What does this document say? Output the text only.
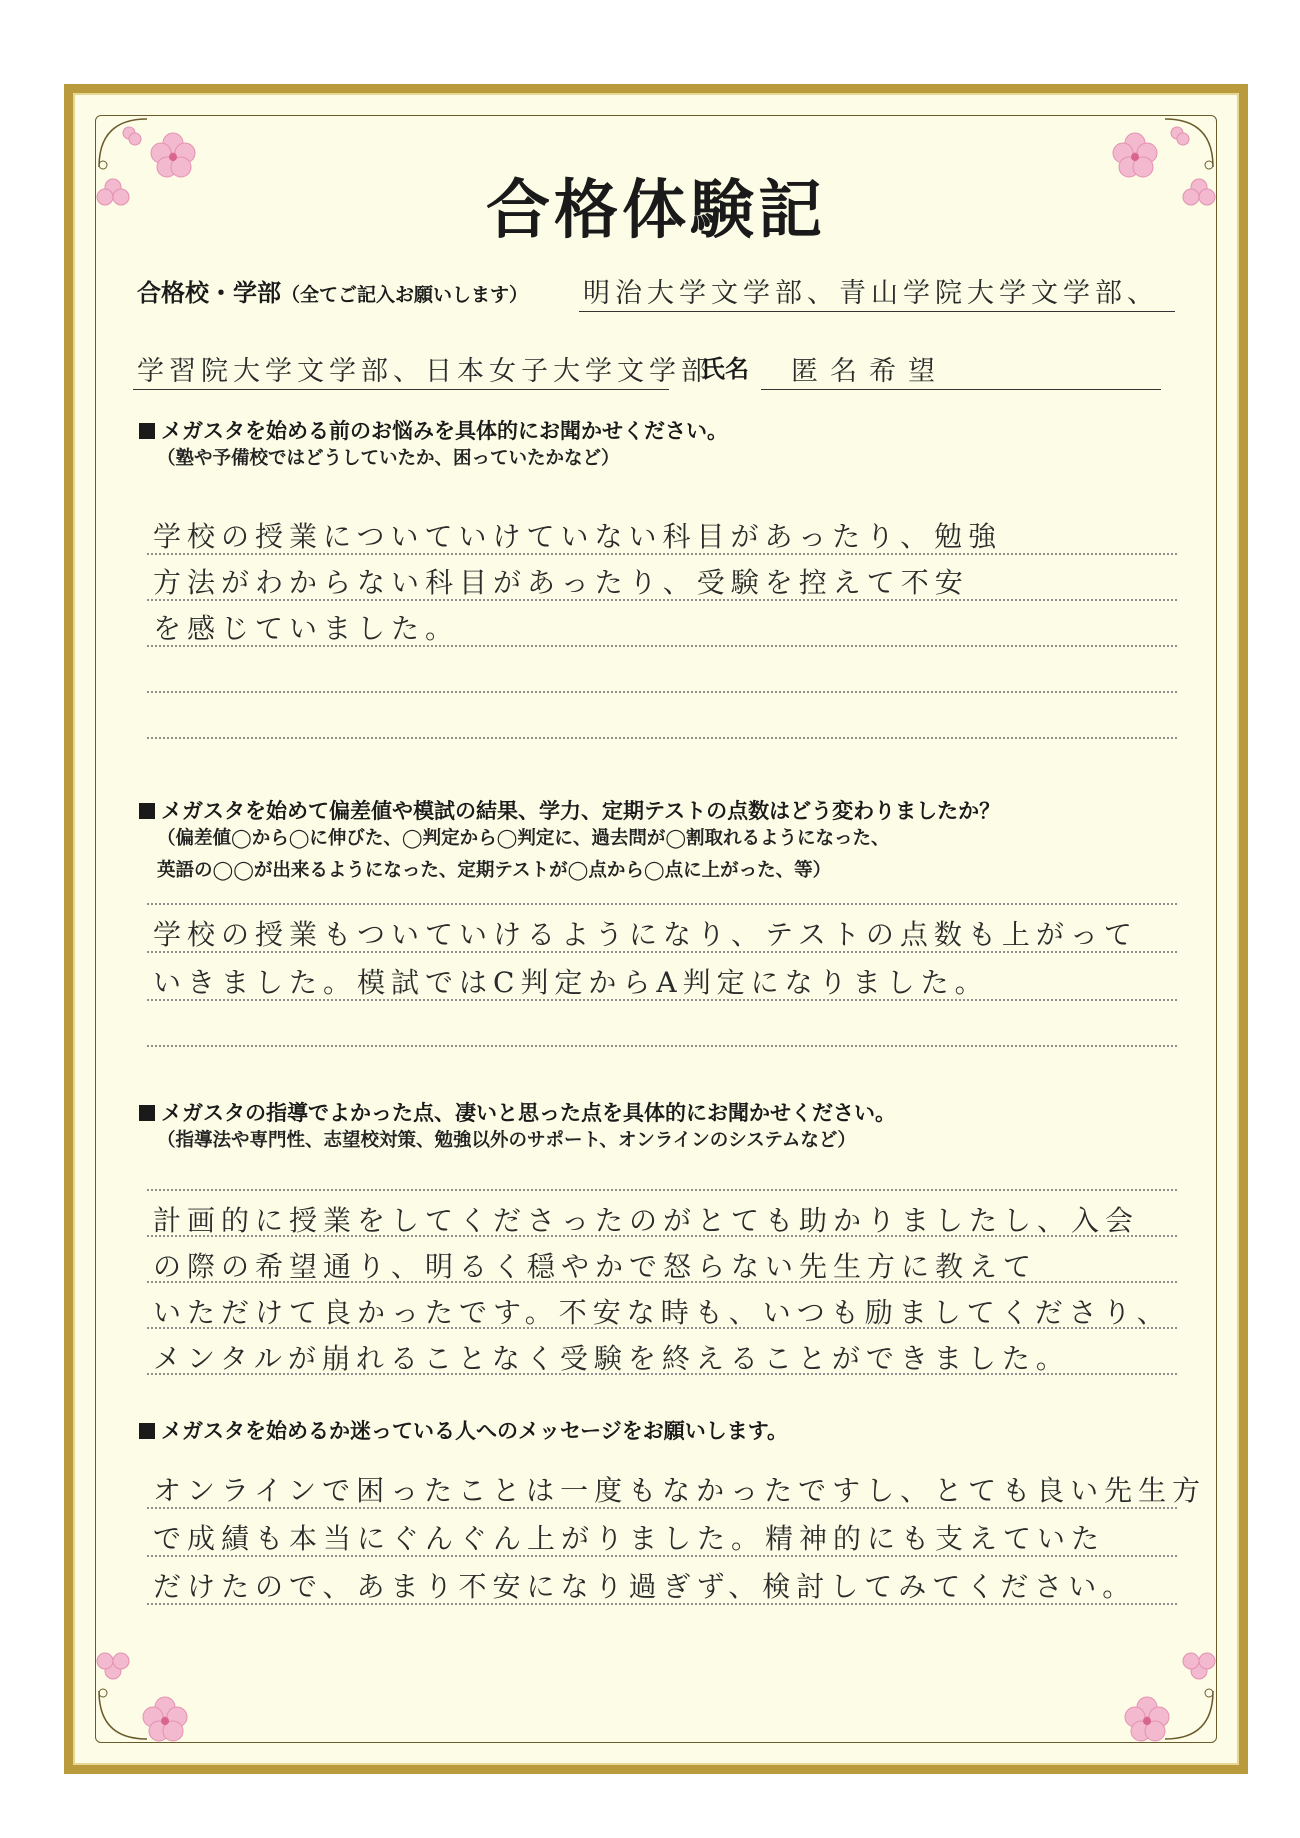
合格体験記
合格校・学部（全てご記入お願いします） 明治大学文学部、青山学院大学文学部、
学習院大学文学部、日本女子大学文学部
氏名 匿名希望
メガスタを始める前のお悩みを具体的にお聞かせください。
（塾や予備校ではどうしていたか、困っていたかなど）
学校の授業についていけていない科目があったり、勉強
方法がわからない科目があったり、受験を控えて不安
を感じていました。
メガスタを始めて偏差値や模試の結果、学力、定期テストの点数はどう変わりましたか？
（偏差値◯から◯に伸びた、◯判定から◯判定に、過去問が◯割取れるようになった、
英語の◯◯が出来るようになった、定期テストが◯点から◯点に上がった、等）
学校の授業もついていけるようになり、テストの点数も上がって
いきました。模試ではC判定からA判定になりました。
メガスタの指導でよかった点、凄いと思った点を具体的にお聞かせください。
（指導法や専門性、志望校対策、勉強以外のサポート、オンラインのシステムなど）
計画的に授業をしてくださったのがとても助かりましたし、入会
の際の希望通り、明るく穏やかで怒らない先生方に教えて
いただけて良かったです。不安な時も、いつも励ましてくださり、
メンタルが崩れることなく受験を終えることができました。
メガスタを始めるか迷っている人へのメッセージをお願いします。
オンラインで困ったことは一度もなかったですし、とても良い先生方
で成績も本当にぐんぐん上がりました。精神的にも支えていた
だけたので、あまり不安になり過ぎず、検討してみてください。
